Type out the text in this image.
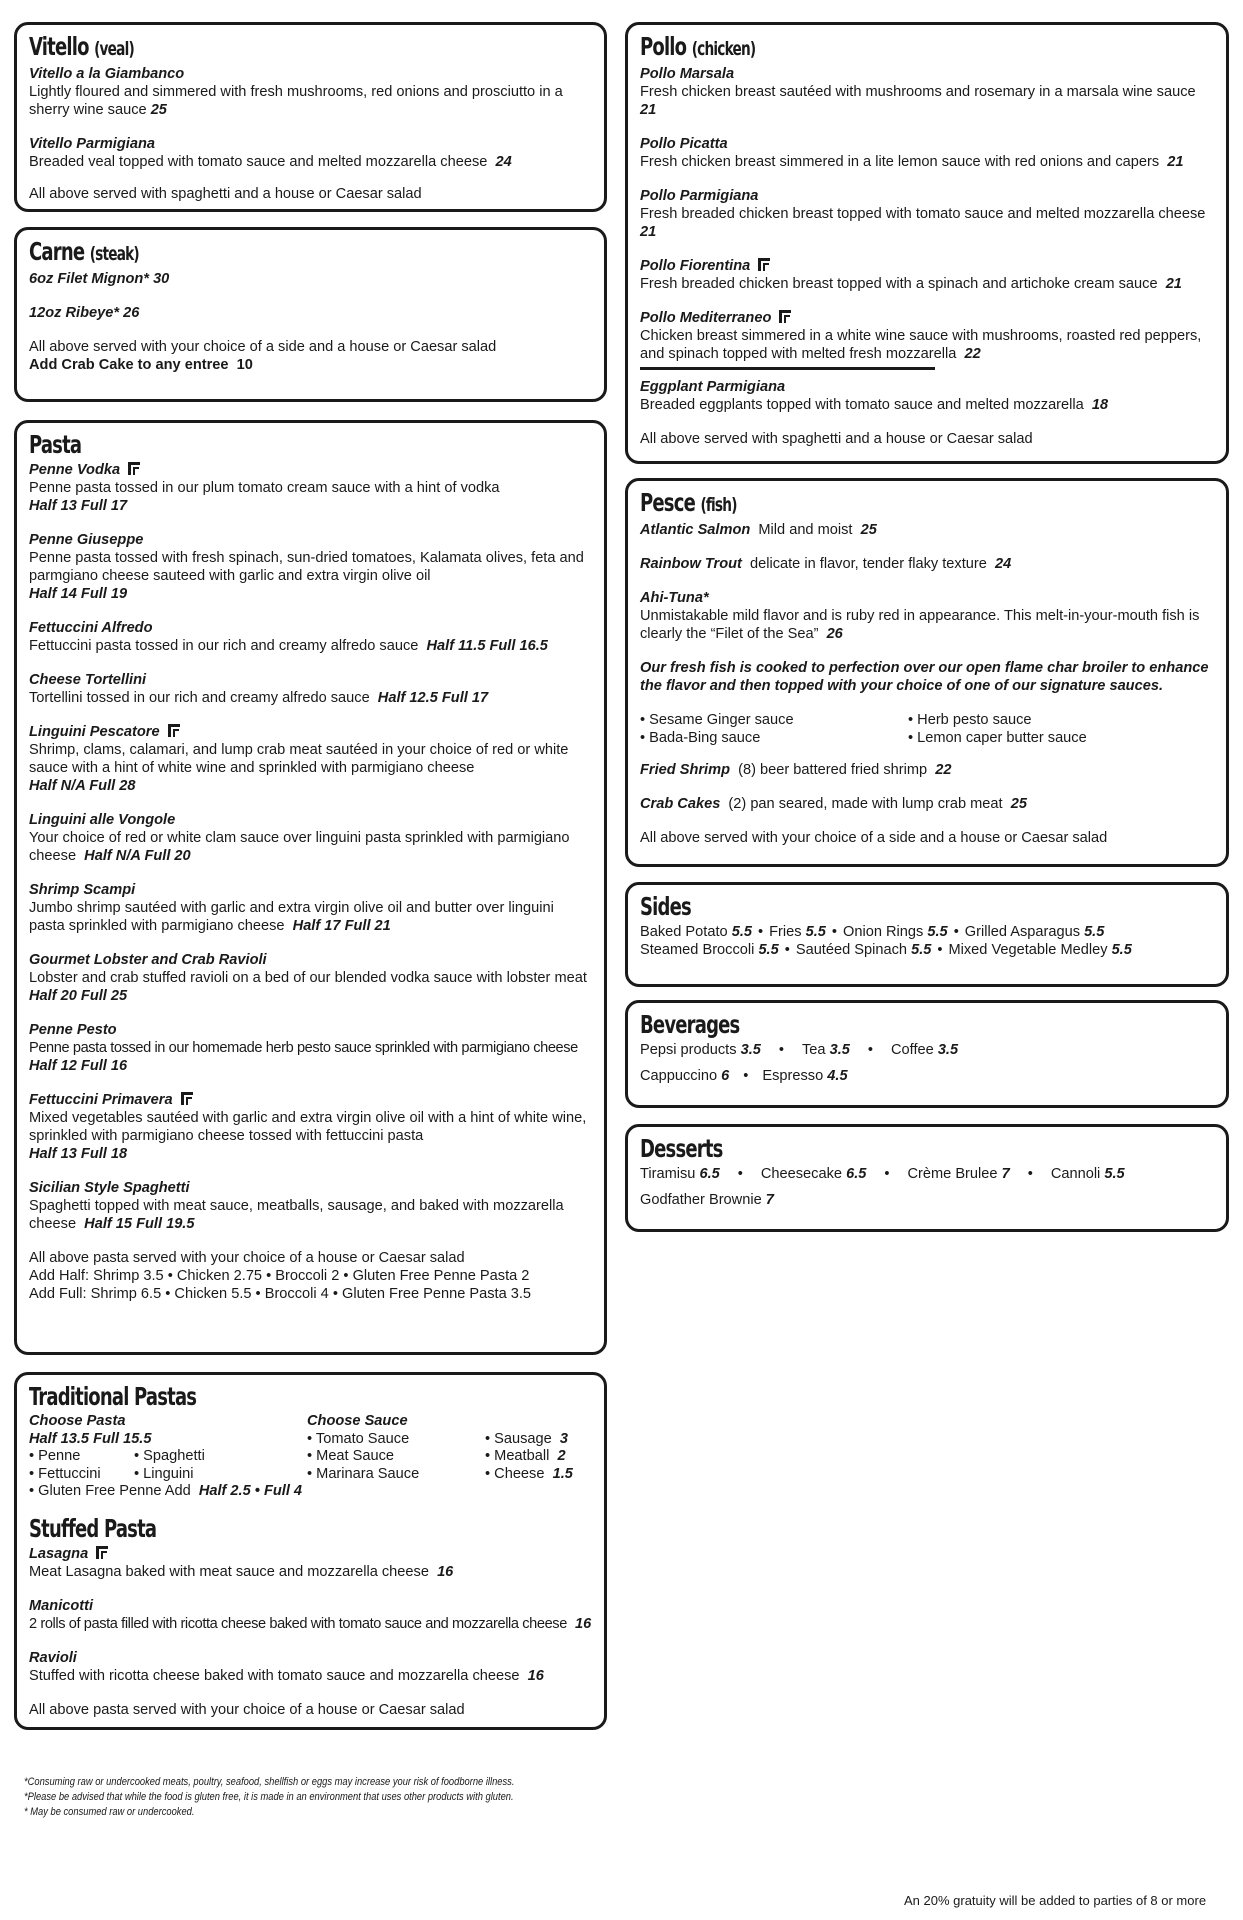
Vitello (veal)
Vitello a la Giambanco
Lightly floured and simmered with fresh mushrooms, red onions and prosciutto in a sherry wine sauce 25
Vitello Parmigiana
Breaded veal topped with tomato sauce and melted mozzarella cheese 24
All above served with spaghetti and a house or Caesar salad
Carne (steak)
6oz Filet Mignon* 30
12oz Ribeye* 26
All above served with your choice of a side and a house or Caesar salad
Add Crab Cake to any entree 10
Pasta
Penne Vodka
Penne pasta tossed in our plum tomato cream sauce with a hint of vodka
Half 13 Full 17
Penne Giuseppe
Penne pasta tossed with fresh spinach, sun-dried tomatoes, Kalamata olives, feta and parmgiano cheese sauteed with garlic and extra virgin olive oil
Half 14 Full 19
Fettuccini Alfredo
Fettuccini pasta tossed in our rich and creamy alfredo sauce Half 11.5 Full 16.5
Cheese Tortellini
Tortellini tossed in our rich and creamy alfredo sauce Half 12.5 Full 17
Linguini Pescatore
Shrimp, clams, calamari, and lump crab meat sautéed in your choice of red or white sauce with a hint of white wine and sprinkled with parmigiano cheese
Half N/A Full 28
Linguini alle Vongole
Your choice of red or white clam sauce over linguini pasta sprinkled with parmigiano cheese Half N/A Full 20
Shrimp Scampi
Jumbo shrimp sautéed with garlic and extra virgin olive oil and butter over linguini pasta sprinkled with parmigiano cheese Half 17 Full 21
Gourmet Lobster and Crab Ravioli
Lobster and crab stuffed ravioli on a bed of our blended vodka sauce with lobster meat
Half 20 Full 25
Penne Pesto
Penne pasta tossed in our homemade herb pesto sauce sprinkled with parmigiano cheese
Half 12 Full 16
Fettuccini Primavera
Mixed vegetables sautéed with garlic and extra virgin olive oil with a hint of white wine, sprinkled with parmigiano cheese tossed with fettuccini pasta
Half 13 Full 18
Sicilian Style Spaghetti
Spaghetti topped with meat sauce, meatballs, sausage, and baked with mozzarella cheese Half 15 Full 19.5
All above pasta served with your choice of a house or Caesar salad
Add Half: Shrimp 3.5 • Chicken 2.75 • Broccoli 2 • Gluten Free Penne Pasta 2
Add Full: Shrimp 6.5 • Chicken 5.5 • Broccoli 4 • Gluten Free Penne Pasta 3.5
Traditional Pastas
Choose Pasta
Half 13.5 Full 15.5
• Penne
• Fettuccini
• Spaghetti
• Linguini
• Gluten Free Penne Add Half 2.5 • Full 4
Choose Sauce
• Tomato Sauce
• Meat Sauce
• Marinara Sauce

• Sausage 3
• Meatball 2
• Cheese 1.5
Stuffed Pasta
Lasagna
Meat Lasagna baked with meat sauce and mozzarella cheese 16
Manicotti
2 rolls of pasta filled with ricotta cheese baked with tomato sauce and mozzarella cheese 16
Ravioli
Stuffed with ricotta cheese baked with tomato sauce and mozzarella cheese 16
All above pasta served with your choice of a house or Caesar salad
Pollo (chicken)
Pollo Marsala
Fresh chicken breast sautéed with mushrooms and rosemary in a marsala wine sauce 21
Pollo Picatta
Fresh chicken breast simmered in a lite lemon sauce with red onions and capers 21
Pollo Parmigiana
Fresh breaded chicken breast topped with tomato sauce and melted mozzarella cheese  21
Pollo Fiorentina
Fresh breaded chicken breast topped with a spinach and artichoke cream sauce 21
Pollo Mediterraneo
Chicken breast simmered in a white wine sauce with mushrooms, roasted red peppers, and spinach topped with melted fresh mozzarella 22
Eggplant Parmigiana
Breaded eggplants topped with tomato sauce and melted mozzarella 18
All above served with spaghetti and a house or Caesar salad
Pesce (fish)
Atlantic Salmon Mild and moist 25
Rainbow Trout delicate in flavor, tender flaky texture 24
Ahi-Tuna*
Unmistakable mild flavor and is ruby red in appearance. This melt-in-your-mouth fish is clearly the “Filet of the Sea” 26
Our fresh fish is cooked to perfection over our open flame char broiler to enhance the flavor and then topped with your choice of one of our signature sauces.
• Sesame Ginger sauce
• Bada-Bing sauce
• Herb pesto sauce
• Lemon caper butter sauce
Fried Shrimp (8) beer battered fried shrimp 22
Crab Cakes (2) pan seared, made with lump crab meat 25
All above served with your choice of a side and a house or Caesar salad
Sides
Baked Potato 5.5 • Fries 5.5 • Onion Rings 5.5 • Grilled Asparagus 5.5
Steamed Broccoli 5.5 • Sautéed Spinach 5.5 • Mixed Vegetable Medley 5.5
Beverages
Pepsi products 3.5 • Tea 3.5 • Coffee 3.5
Cappuccino 6 • Espresso 4.5
Desserts
Tiramisu 6.5 • Cheesecake 6.5 • Crème Brulee 7 • Cannoli 5.5
Godfather Brownie 7
*Consuming raw or undercooked meats, poultry, seafood, shellfish or eggs may increase your risk of foodborne illness.
*Please be advised that while the food is gluten free, it is made in an environment that uses other products with gluten.
* May be consumed raw or undercooked.
An 20% gratuity will be added to parties of 8 or more
